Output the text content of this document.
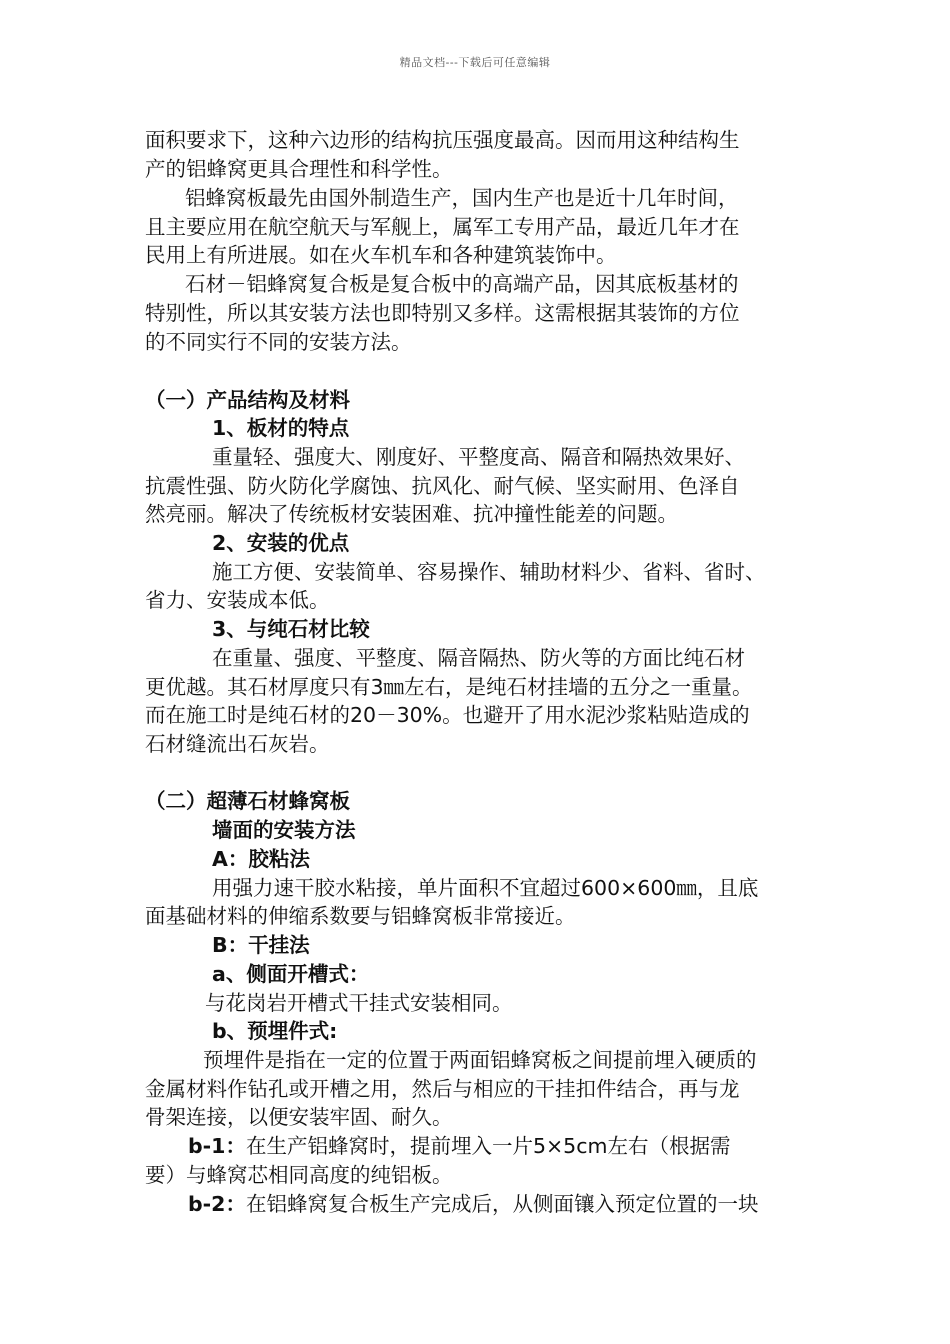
精品文档---下载后可任意编辑
面积要求下，这种六边形的结构抗压强度最高。因而用这种结构生
产的铝蜂窝更具合理性和科学性。
铝蜂窝板最先由国外制造生产，国内生产也是近十几年时间，
且主要应用在航空航天与军舰上，属军工专用产品，最近几年才在
民用上有所进展。如在火车机车和各种建筑装饰中。
石材－铝蜂窝复合板是复合板中的高端产品，因其底板基材的
特别性，所以其安装方法也即特别又多样。这需根据其装饰的方位
的不同实行不同的安装方法。
（一）产品结构及材料
1、板材的特点
重量轻、强度大、刚度好、平整度高、隔音和隔热效果好、
抗震性强、防火防化学腐蚀、抗风化、耐气候、坚实耐用、色泽自
然亮丽。解决了传统板材安装困难、抗冲撞性能差的问题。
2、安装的优点
施工方便、安装简单、容易操作、辅助材料少、省料、省时、
省力、安装成本低。
3、与纯石材比较
在重量、强度、平整度、隔音隔热、防火等的方面比纯石材
更优越。其石材厚度只有3㎜左右，是纯石材挂墙的五分之一重量。
而在施工时是纯石材的20－30%。也避开了用水泥沙浆粘贴造成的
石材缝流出石灰岩。
（二）超薄石材蜂窝板
墙面的安装方法
A：胶粘法
用强力速干胶水粘接，单片面积不宜超过600×600㎜，且底
面基础材料的伸缩系数要与铝蜂窝板非常接近。
B：干挂法
a、侧面开槽式：
与花岗岩开槽式干挂式安装相同。
b、预埋件式:
预埋件是指在一定的位置于两面铝蜂窝板之间提前埋入硬质的
金属材料作钻孔或开槽之用，然后与相应的干挂扣件结合，再与龙
骨架连接，以便安装牢固、耐久。
b-1：在生产铝蜂窝时，提前埋入一片5×5cm左右（根据需
要）与蜂窝芯相同高度的纯铝板。
b-2：在铝蜂窝复合板生产完成后，从侧面镶入预定位置的一块
